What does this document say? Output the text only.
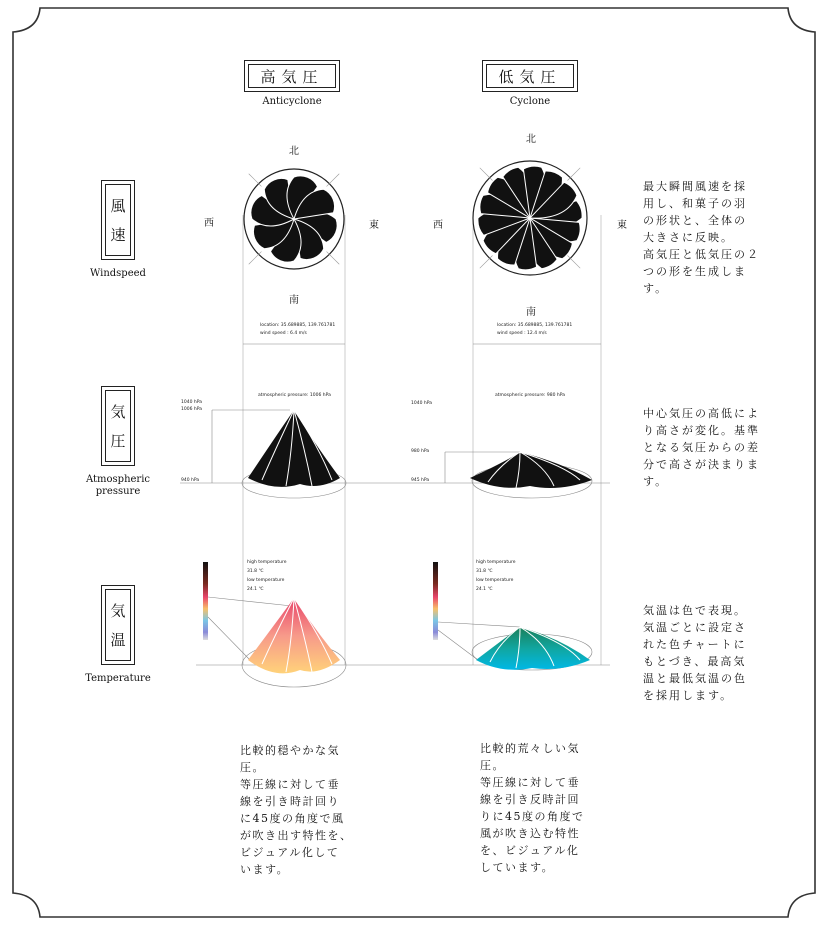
高気圧
Anticyclone
低気圧
Cyclone
風
速
Windspeed
気
圧
Atmospheric
pressure
気
温
Temperature
北
南
西	東
北
南
西	東
location: 35.689885, 139.761781
wind speed : 6.4 m/s
location: 35.689885, 139.761781
wind speed : 12.4 m/s
atmospheric pressure: 1006 hPa
1040 hPa
1006 hPa
940 hPa
atmospheric pressure: 980 hPa
1040 hPa
980 hPa
945 hPa
high temperature
31.8 ℃
low temperature
24.1 ℃
high temperature
31.8 ℃
low temperature
24.1 ℃
最大瞬間風速を採
用し、和菓子の羽
の形状と、全体の
大きさに反映。
高気圧と低気圧の２
つの形を生成しま
す。
中心気圧の高低によ
り高さが変化。基準
となる気圧からの差
分で高さが決まりま
す。
気温は色で表現。
気温ごとに設定さ
れた色チャートに
もとづき、最高気
温と最低気温の色
を採用します。
比較的穏やかな気
圧。
等圧線に対して垂
線を引き時計回り
に45度の角度で風
が吹き出す特性を、
ビジュアル化して
います。
比較的荒々しい気
圧。
等圧線に対して垂
線を引き反時計回
りに45度の角度で
風が吹き込む特性
を、ビジュアル化
しています。
